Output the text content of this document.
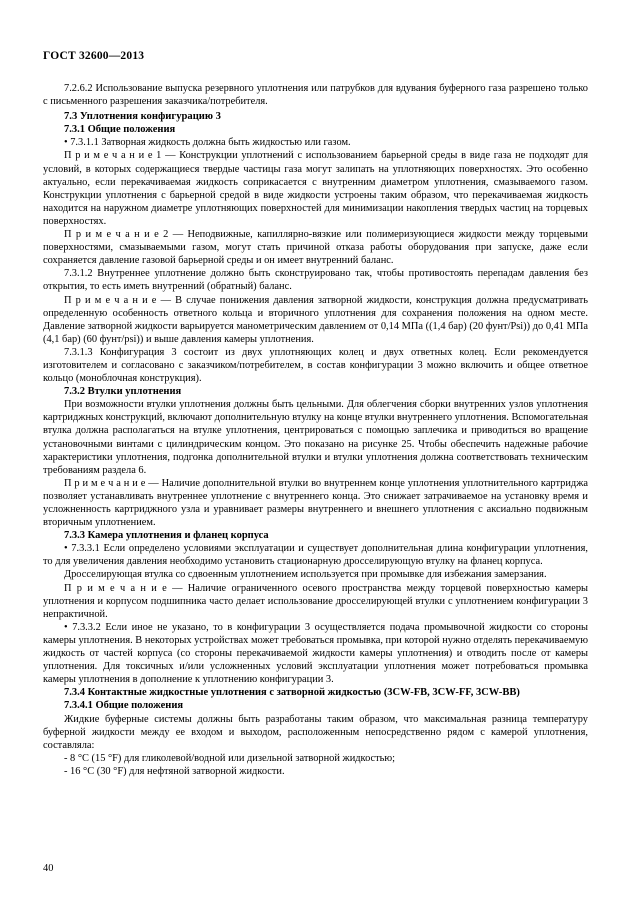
ГОСТ 32600—2013

7.2.6.2 Использование выпуска резервного уплотнения или патрубков для вдувания буферного газа разрешено только с письменного разрешения заказчика/потребителя.

7.3 Уплотнения конфигурацию 3

7.3.1 Общие положения

• 7.3.1.1 Затворная жидкость должна быть жидкостью или газом.

П р и м е ч а н и е 1 — Конструкции уплотнений с использованием барьерной среды в виде газа не подходят для условий, в которых содержащиеся твердые частицы газа могут залипать на уплотняющих поверхностях. Это особенно актуально, если перекачиваемая жидкость соприкасается с внутренним диаметром уплотнения, смазываемого газом. Конструкции уплотнения с барьерной средой в виде жидкости устроены таким образом, что перекачиваемая жидкость находится на наружном диаметре уплотняющих поверхностей для минимизации накопления твердых частиц на торцевых поверхностях.

П р и м е ч а н и е 2 — Неподвижные, капиллярно-вязкие или полимеризующиеся жидкости между торцевыми поверхностями, смазываемыми газом, могут стать причиной отказа работы оборудования при запуске, даже если сохраняется давление газовой барьерной среды и он имеет внутренний баланс.

7.3.1.2 Внутреннее уплотнение должно быть сконструировано так, чтобы противостоять перепадам давления без открытия, то есть иметь внутренний (обратный) баланс.

П р и м е ч а н и е — В случае понижения давления затворной жидкости, конструкция должна предусматривать определенную особенность ответного кольца и вторичного уплотнения для сохранения положения на одном месте. Давление затворной жидкости варьируется манометрическим давлением от 0,14 МПа ((1,4 бар) (20 фунт/Psi)) до 0,41 МПа (4,1 бар) (60 фунт/psi)) и выше давления камеры уплотнения.

7.3.1.3 Конфигурация 3 состоит из двух уплотняющих колец и двух ответных колец. Если рекомендуется изготовителем и согласовано с заказчиком/потребителем, в состав конфигурации 3 можно включить и общее ответное кольцо (моноблочная конструкция).

7.3.2 Втулки уплотнения

При возможности втулки уплотнения должны быть цельными. Для облегчения сборки внутренних узлов уплотнения картриджных конструкций, включают дополнительную втулку на конце втулки внутреннего уплотнения. Вспомогательная втулка должна располагаться на втулке уплотнения, центрироваться с помощью заплечика и приводиться во вращение установочными винтами с цилиндрическим концом. Это показано на рисунке 25. Чтобы обеспечить надежные рабочие характеристики уплотнения, подгонка дополнительной втулки и втулки уплотнения должна соответствовать техническим требованиям раздела 6.

П р и м е ч а н и е — Наличие дополнительной втулки во внутреннем конце уплотнения уплотнительного картриджа позволяет устанавливать внутреннее уплотнение с внутреннего конца. Это снижает затрачиваемое на установку время и усложненность картриджного узла и уравнивает размеры внутреннего и внешнего уплотнения с аксиально подвижным вторичным уплотнением.

7.3.3 Камера уплотнения и фланец корпуса

• 7.3.3.1 Если определено условиями эксплуатации и существует дополнительная длина конфигурации уплотнения, то для увеличения давления необходимо установить стационарную дросселирующую втулку на фланец корпуса.

Дросселирующая втулка со сдвоенным уплотнением используется при промывке для избежания замерзания.

П р и м е ч а н и е — Наличие ограниченного осевого пространства между торцевой поверхностью камеры уплотнения и корпусом подшипника часто делает использование дросселирующей втулки с уплотнением конфигурации 3 непрактичной.

• 7.3.3.2 Если иное не указано, то в конфигурации 3 осуществляется подача промывочной жидкости со стороны камеры уплотнения. В некоторых устройствах может требоваться промывка, при которой нужно отделять перекачиваемую жидкость от частей корпуса (со стороны перекачиваемой жидкости камеры уплотнения) и отводить после от камеры уплотнения. Для токсичных и/или усложненных условий эксплуатации уплотнения может потребоваться промывка камеры уплотнения в дополнение к уплотнению конфигурации 3.

7.3.4 Контактные жидкостные уплотнения с затворной жидкостью (3CW-FB, 3CW-FF, 3CW-BB)

7.3.4.1 Общие положения

Жидкие буферные системы должны быть разработаны таким образом, что максимальная разница температуру буферной жидкости между ее входом и выходом, расположенным непосредственно рядом с камерой уплотнения, составляла:

- 8 °С (15 °F) для гликолевой/водной или дизельной затворной жидкостью;

- 16 °С (30 °F) для нефтяной затворной жидкости.

40
